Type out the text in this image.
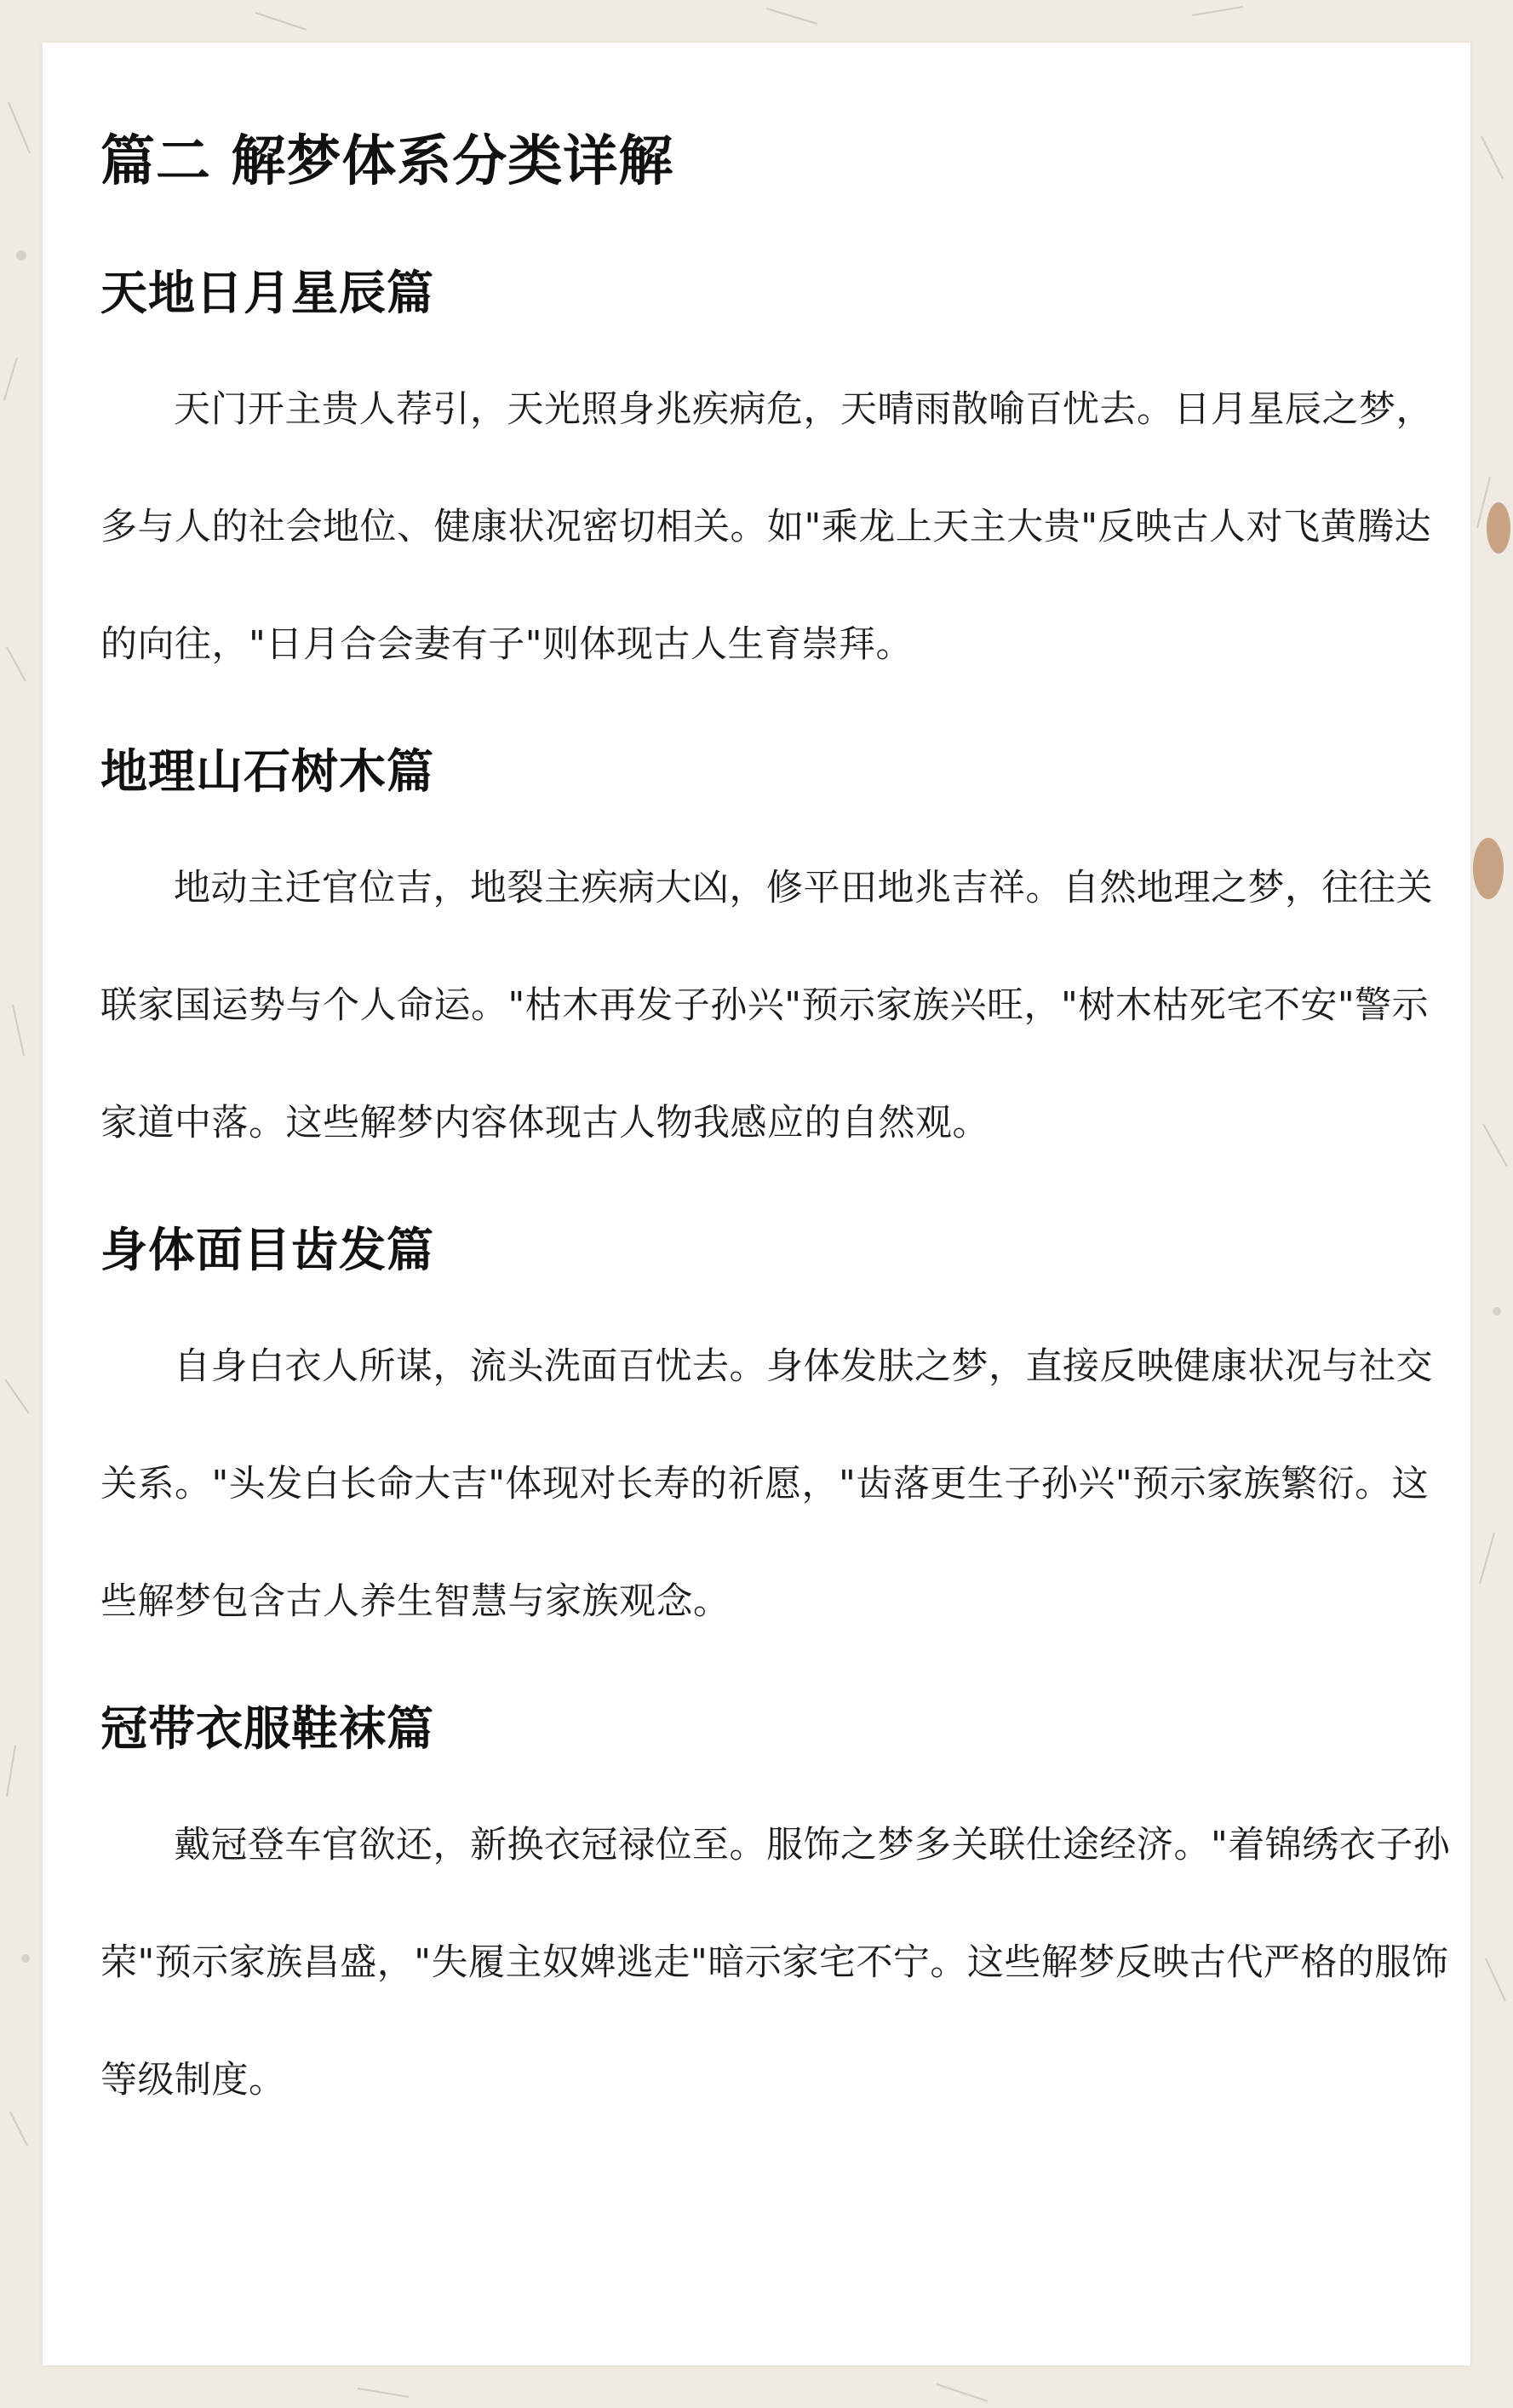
篇二 解梦体系分类详解
天地日月星辰篇

天门开主贵人荐引，天光照身兆疾病危，天晴雨散喻百忧去。日月星辰之梦，多与人的社会地位、健康状况密切相关。如"乘龙上天主大贵"反映古人对飞黄腾达的向往，"日月合会妻有子"则体现古人生育崇拜。

地理山石树木篇

地动主迁官位吉，地裂主疾病大凶，修平田地兆吉祥。自然地理之梦，往往关联家国运势与个人命运。"枯木再发子孙兴"预示家族兴旺，"树木枯死宅不安"警示家道中落。这些解梦内容体现古人物我感应的自然观。

身体面目齿发篇

自身白衣人所谋，流头洗面百忧去。身体发肤之梦，直接反映健康状况与社交关系。"头发白长命大吉"体现对长寿的祈愿，"齿落更生子孙兴"预示家族繁衍。这些解梦包含古人养生智慧与家族观念。

冠带衣服鞋袜篇

戴冠登车官欲还，新换衣冠禄位至。服饰之梦多关联仕途经济。"着锦绣衣子孙荣"预示家族昌盛，"失履主奴婢逃走"暗示家宅不宁。这些解梦反映古代严格的服饰等级制度。
